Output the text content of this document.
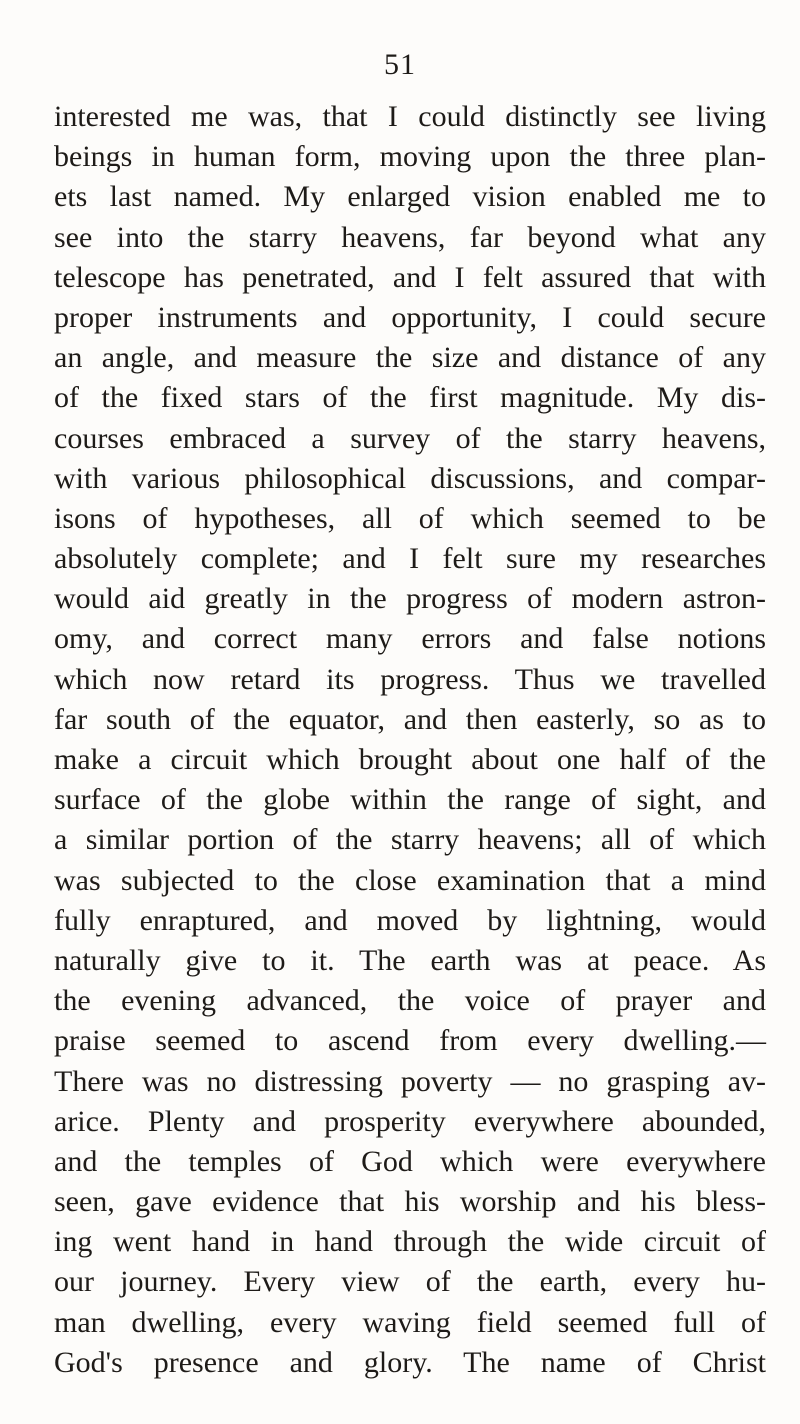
51
interested me was, that I could distinctly see living
beings in human form, moving upon the three plan-
ets last named. My enlarged vision enabled me to
see into the starry heavens, far beyond what any
telescope has penetrated, and I felt assured that with
proper instruments and opportunity, I could secure
an angle, and measure the size and distance of any
of the fixed stars of the first magnitude. My dis-
courses embraced a survey of the starry heavens,
with various philosophical discussions, and compar-
isons of hypotheses, all of which seemed to be
absolutely complete; and I felt sure my researches
would aid greatly in the progress of modern astron-
omy, and correct many errors and false notions
which now retard its progress. Thus we travelled
far south of the equator, and then easterly, so as to
make a circuit which brought about one half of the
surface of the globe within the range of sight, and
a similar portion of the starry heavens; all of which
was subjected to the close examination that a mind
fully enraptured, and moved by lightning, would
naturally give to it. The earth was at peace. As
the evening advanced, the voice of prayer and
praise seemed to ascend from every dwelling.—
There was no distressing poverty — no grasping av-
arice. Plenty and prosperity everywhere abounded,
and the temples of God which were everywhere
seen, gave evidence that his worship and his bless-
ing went hand in hand through the wide circuit of
our journey. Every view of the earth, every hu-
man dwelling, every waving field seemed full of
God's presence and glory. The name of Christ
